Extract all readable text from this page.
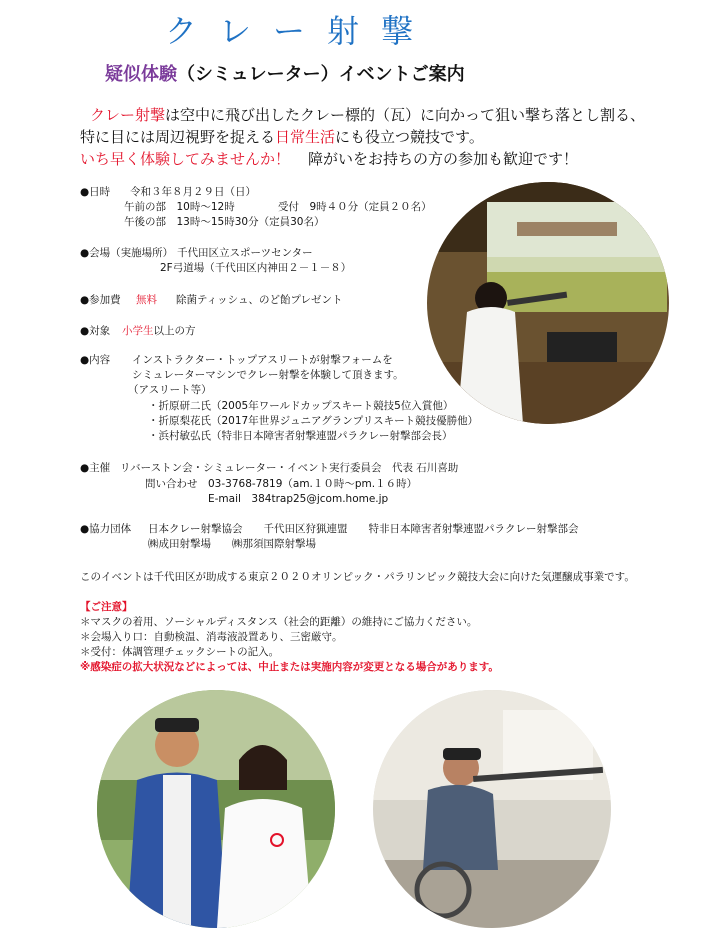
クレー射撃
疑似体験（シミュレーター）イベントご案内
クレー射撃は空中に飛び出したクレー標的（瓦）に向かって狙い撃ち落とし割る、
特に目には周辺視野を捉える日常生活にも役立つ競技です。
いち早く体験してみませんか！ 障がいをお持ちの方の参加も歓迎です！
●日時 令和３年８月２９日（日）
午前の部　10時～12時	受付　9時４０分（定員２０名）
午後の部　13時～15時30分（定員30名）
●会場（実施場所） 千代田区立スポーツセンター
2F弓道場（千代田区内神田２－１－８）
●参加費 無料 除菌ティッシュ、のど飴プレゼント
●対象 小学生以上の方
●内容 インストラクター・トップアスリートが射撃フォームを
シミュレーターマシンでクレー射撃を体験して頂きます。
（アスリート等）
・折原研二氏（2005年ワールドカップスキート競技5位入賞他）
・折原梨花氏（2017年世界ジュニアグランプリスキート競技優勝他）
・浜村敏弘氏（特非日本障害者射撃連盟パラクレー射撃部会長）
●主催 リバーストン会・シミュレーター・イベント実行委員会　代表 石川喜助
問い合わせ　03-3768-7819（am.１０時～pm.１６時）
E-mail　384trap25@jcom.home.jp
●協力団体 日本クレー射撃協会　　千代田区狩猟連盟　　特非日本障害者射撃連盟パラクレー射撃部会
㈱成田射撃場　　㈱那須国際射撃場
このイベントは千代田区が助成する東京２０２０オリンピック・パラリンピック競技大会に向けた気運醸成事業です。
【ご注意】
＊マスクの着用、ソーシャルディスタンス（社会的距離）の維持にご協力ください。
＊会場入り口：自動検温、消毒液設置あり、三密厳守。
＊受付：体調管理チェックシートの記入。
※感染症の拡大状況などによっては、中止または実施内容が変更となる場合があります。
